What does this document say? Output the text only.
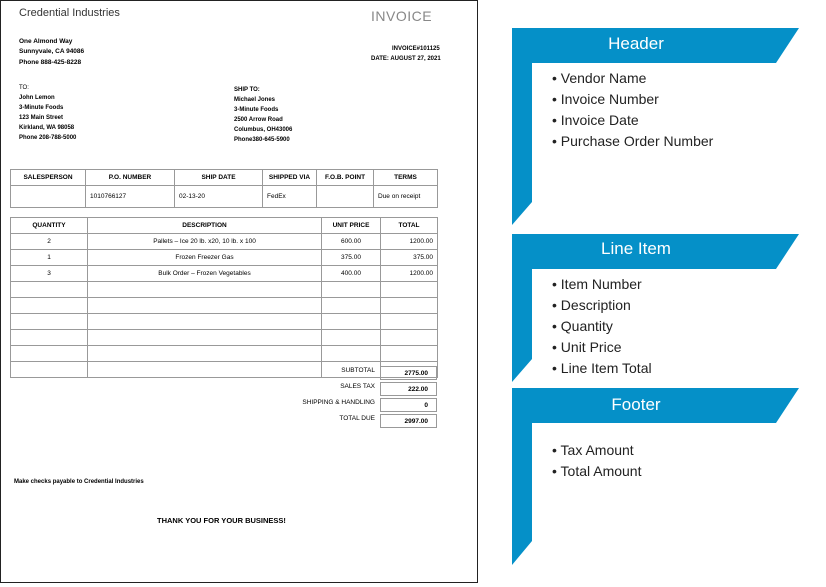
Credential Industries	INVOICE
One Almond Way
Sunnyvale, CA 94086
Phone 888-425-8228
INVOICE#101125
DATE: AUGUST 27, 2021
TO:
John Lemon
3-Minute Foods
123 Main Street
Kirkland, WA 98058
Phone 208-788-5000
SHIP TO:
Michael Jones
3-Minute Foods
2500 Arrow Road
Columbus, OH43006
Phone380-645-5900
SALESPERSON	P.O. NUMBER	SHIP DATE	SHIPPED VIA	F.O.B. POINT	TERMS
	1010766127	02-13-20	FedEx		Due on receipt
QUANTITY	DESCRIPTION	UNIT PRICE	TOTAL
2	Pallets – Ice 20 lb. x20, 10 lb. x 100	600.00	1200.00
1	Frozen Freezer Gas	375.00	375.00
3	Bulk Order – Frozen Vegetables	400.00	1200.00

SUBTOTAL	2775.00
SALES TAX	222.00
SHIPPING & HANDLING	0
TOTAL DUE	2997.00
Make checks payable to Credential Industries
THANK YOU FOR YOUR BUSINESS!
Header
• Vendor Name
• Invoice Number
• Invoice Date
• Purchase Order Number
Line Item
• Item Number
• Description
• Quantity
• Unit Price
• Line Item Total
Footer
• Tax Amount
• Total Amount
